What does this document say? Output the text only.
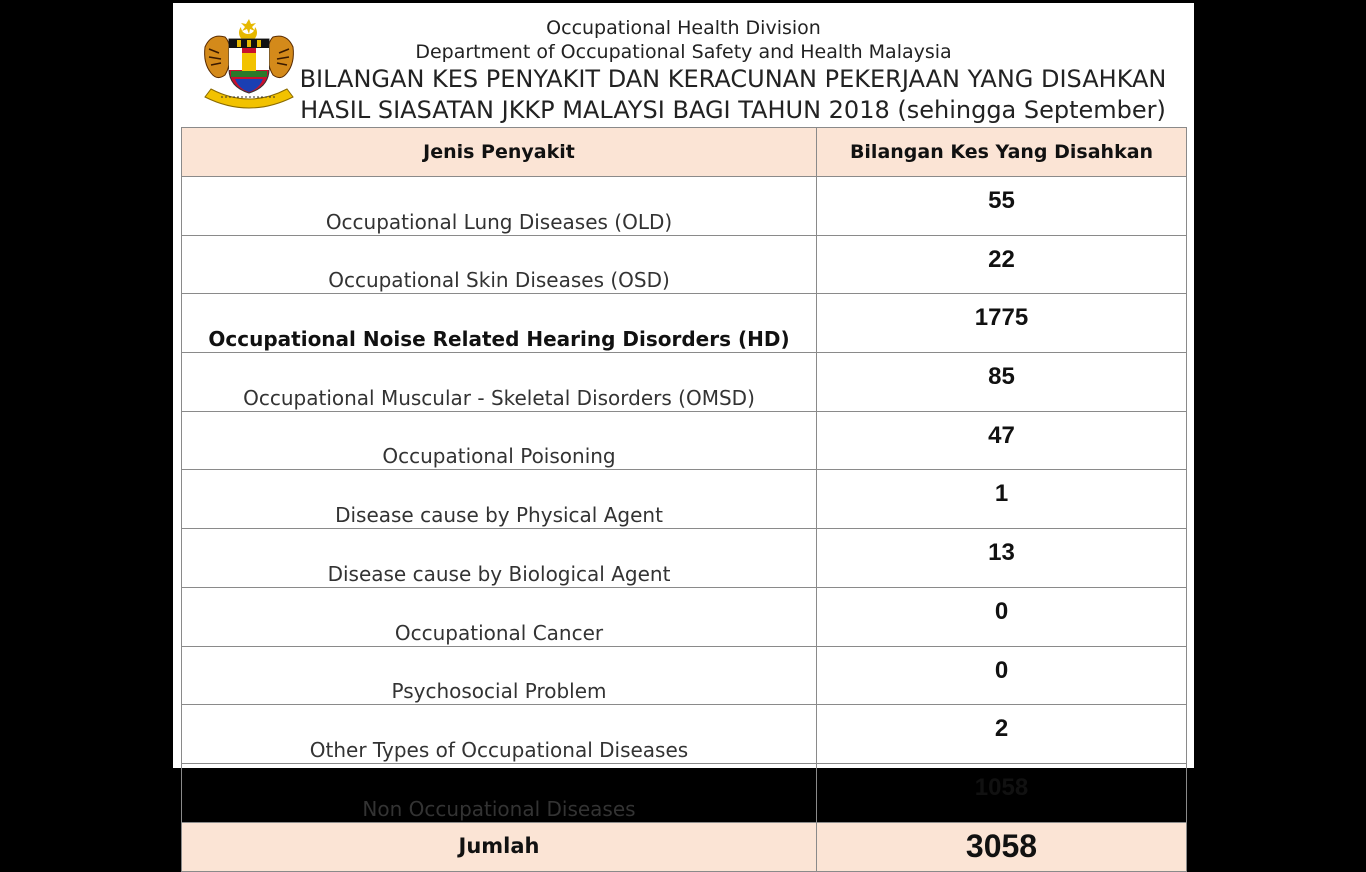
Occupational Health Division
Department of Occupational Safety and Health Malaysia
BILANGAN KES PENYAKIT DAN KERACUNAN PEKERJAAN YANG DISAHKAN
HASIL SIASATAN JKKP MALAYSI BAGI TAHUN 2018 (sehingga September)
Jenis Penyakit	Bilangan Kes Yang Disahkan
Occupational Lung Diseases (OLD)	55
Occupational Skin Diseases (OSD)	22
Occupational Noise Related Hearing Disorders (HD)	1775
Occupational Muscular - Skeletal Disorders (OMSD)	85
Occupational Poisoning	47
Disease cause by Physical Agent	1
Disease cause by Biological Agent	13
Occupational Cancer	0
Psychosocial Problem	0
Other Types of Occupational Diseases	2
Non Occupational Diseases	1058
Jumlah	3058
